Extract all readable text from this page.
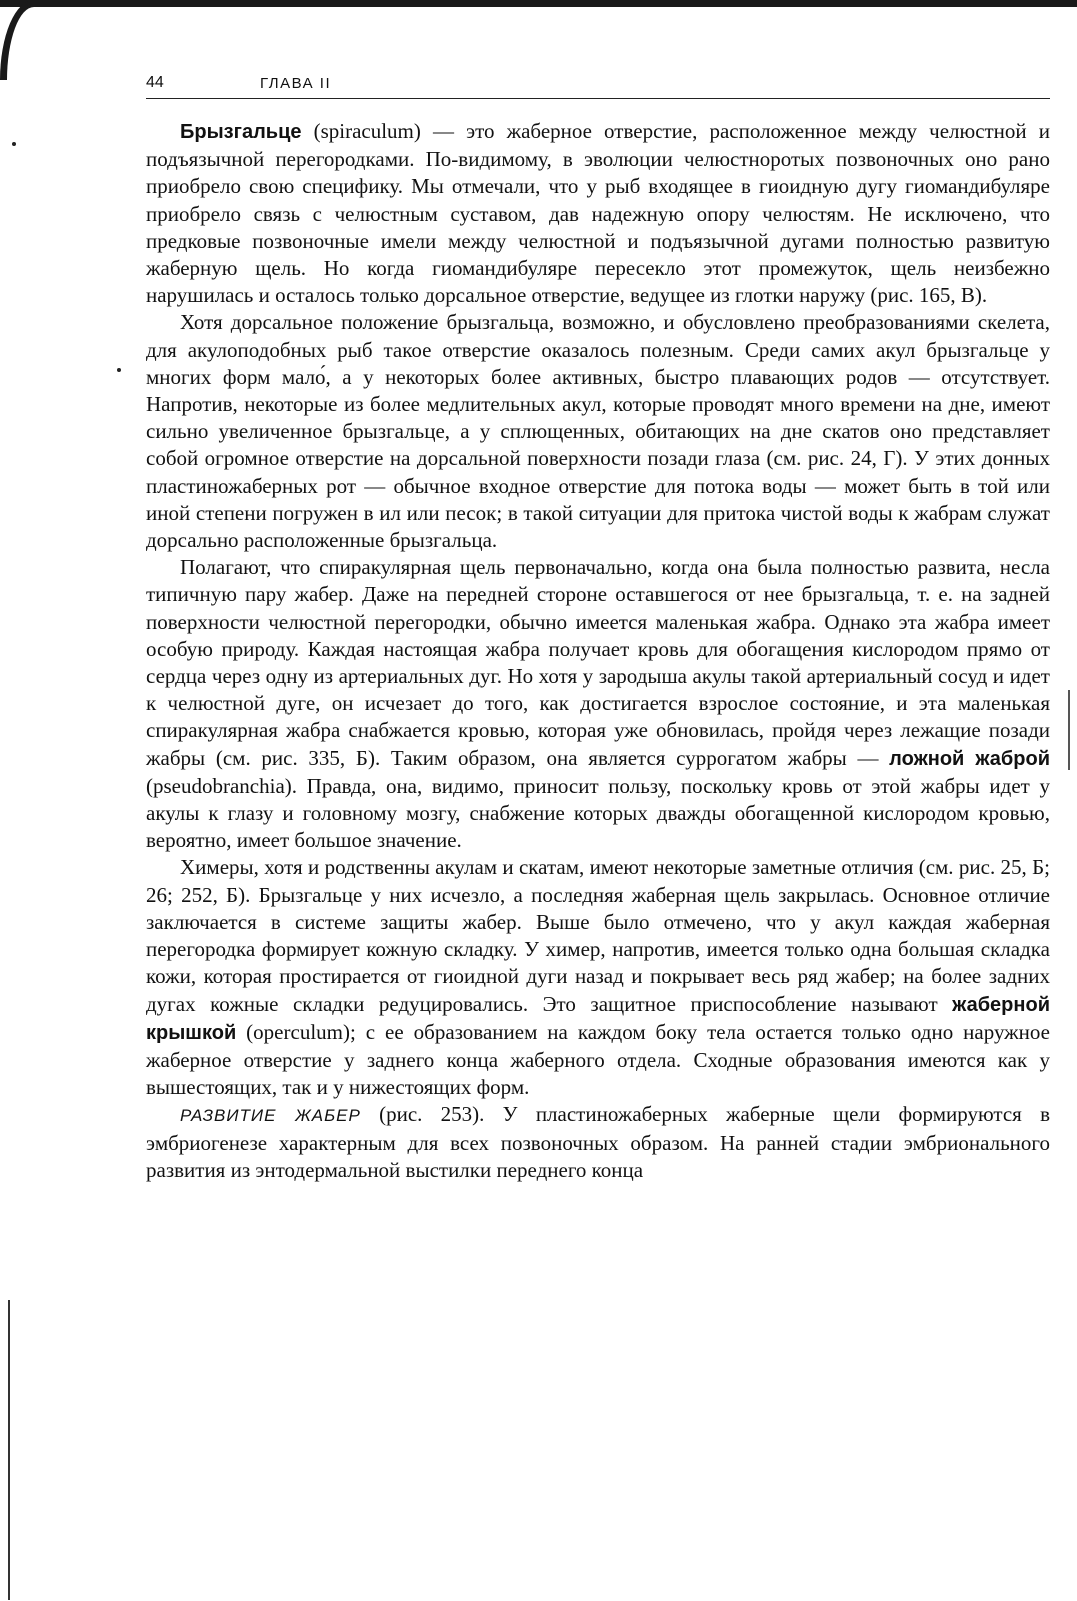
44	ГЛАВА II

Брызгальце (spiraculum) — это жаберное отверстие, расположенное между челюстной и подъязычной перегородками. По-видимому, в эволюции челюстноротых позвоночных оно рано приобрело свою специфику. Мы отмечали, что у рыб входящее в гиоидную дугу гиомандибуляре приобрело связь с челюстным суставом, дав надежную опору челюстям. Не исключено, что предковые позвоночные имели между челюстной и подъязычной дугами полностью развитую жаберную щель. Но когда гиомандибуляре пересекло этот промежуток, щель неизбежно нарушилась и осталось только дорсальное отверстие, ведущее из глотки наружу (рис. 165, В).

Хотя дорсальное положение брызгальца, возможно, и обусловлено преобразованиями скелета, для акулоподобных рыб такое отверстие оказалось полезным. Среди самих акул брызгальце у многих форм мало́, а у некоторых более активных, быстро плавающих родов — отсутствует. Напротив, некоторые из более медлительных акул, которые проводят много времени на дне, имеют сильно увеличенное брызгальце, а у сплющенных, обитающих на дне скатов оно представляет собой огромное отверстие на дорсальной поверхности позади глаза (см. рис. 24, Г). У этих донных пластиножаберных рот — обычное входное отверстие для потока воды — может быть в той или иной степени погружен в ил или песок; в такой ситуации для притока чистой воды к жабрам служат дорсально расположенные брызгальца.

Полагают, что спиракулярная щель первоначально, когда она была полностью развита, несла типичную пару жабер. Даже на передней стороне оставшегося от нее брызгальца, т. е. на задней поверхности челюстной перегородки, обычно имеется маленькая жабра. Однако эта жабра имеет особую природу. Каждая настоящая жабра получает кровь для обогащения кислородом прямо от сердца через одну из артериальных дуг. Но хотя у зародыша акулы такой артериальный сосуд и идет к челюстной дуге, он исчезает до того, как достигается взрослое состояние, и эта маленькая спиракулярная жабра снабжается кровью, которая уже обновилась, пройдя через лежащие позади жабры (см. рис. 335, Б). Таким образом, она является суррогатом жабры — ложной жаброй (pseudobranchia). Правда, она, видимо, приносит пользу, поскольку кровь от этой жабры идет у акулы к глазу и головному мозгу, снабжение которых дважды обогащенной кислородом кровью, вероятно, имеет большое значение.

Химеры, хотя и родственны акулам и скатам, имеют некоторые заметные отличия (см. рис. 25, Б; 26; 252, Б). Брызгальце у них исчезло, а последняя жаберная щель закрылась. Основное отличие заключается в системе защиты жабер. Выше было отмечено, что у акул каждая жаберная перегородка формирует кожную складку. У химер, напротив, имеется только одна большая складка кожи, которая простирается от гиоидной дуги назад и покрывает весь ряд жабер; на более задних дугах кожные складки редуцировались. Это защитное приспособление называют жаберной крышкой (operculum); с ее образованием на каждом боку тела остается только одно наружное жаберное отверстие у заднего конца жаберного отдела. Сходные образования имеются как у вышестоящих, так и у нижестоящих форм.

РАЗВИТИЕ ЖАБЕР (рис. 253). У пластиножаберных жаберные щели формируются в эмбриогенезе характерным для всех позвоночных образом. На ранней стадии эмбрионального развития из энтодермальной выстилки переднего конца
